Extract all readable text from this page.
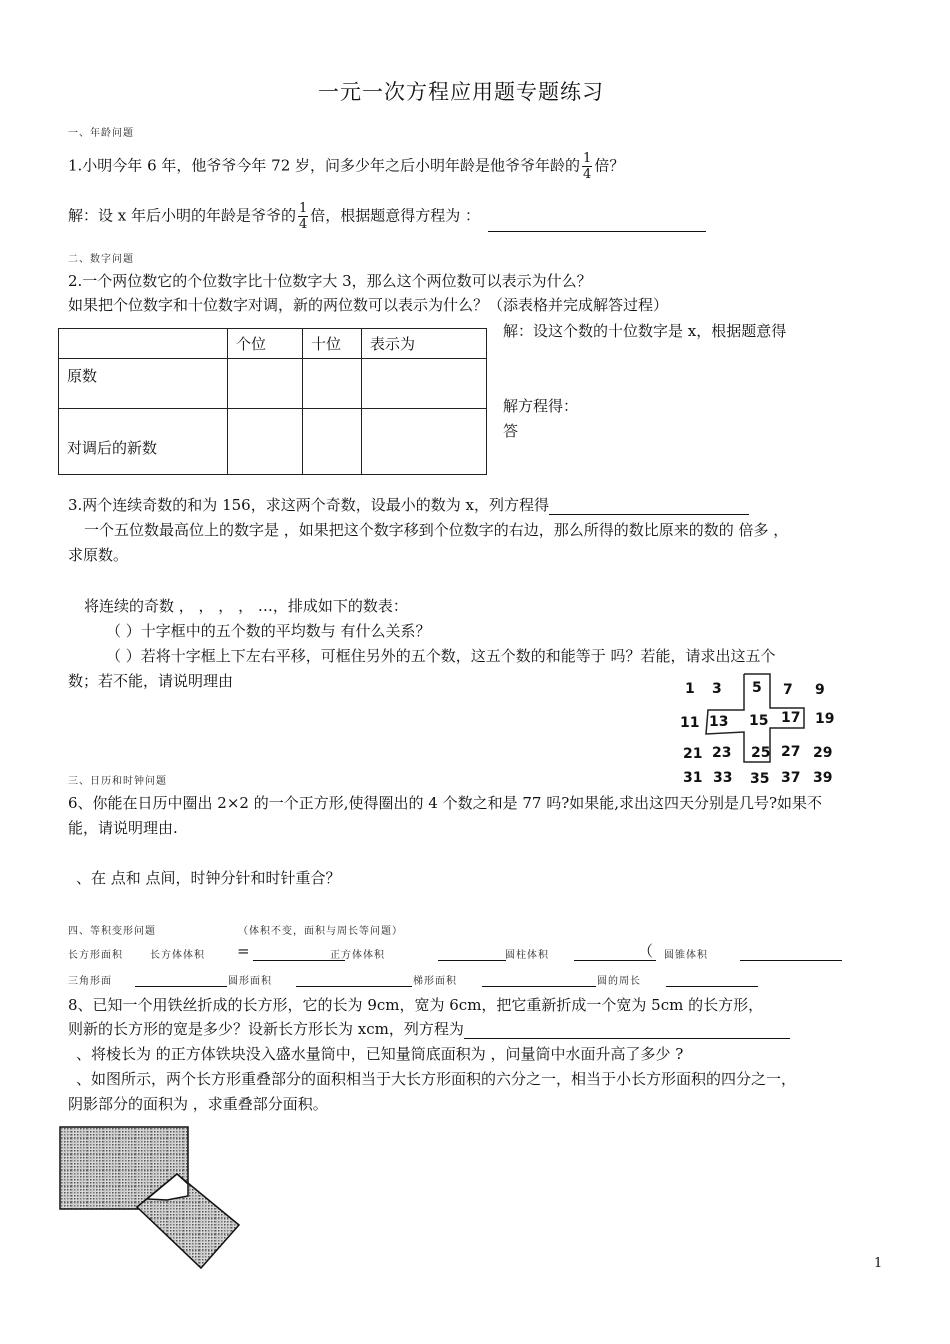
一元一次方程应用题专题练习
一、年龄问题
1.小明今年 6 年，他爷爷今年 72 岁，问多少年之后小明年龄是他爷爷年龄的 $\frac{1}{4}$ 倍？
解：设 x 年后小明的年龄是爷爷的 $\frac{1}{4}$ 倍，根据题意得方程为 ：
二、数字问题
2.一个两位数它的个位数字比十位数字大 3，那么这个两位数可以表示为什么？
如果把个位数字和十位数字对调，新的两位数可以表示为什么？（添表格并完成解答过程）
	个位	十位	表示为
原数			
对调后的新数			
解：设这个数的十位数字是 x，根据题意得
解方程得：
答
3.两个连续奇数的和为 156，求这两个奇数，设最小的数为 x，列方程得
一个五位数最高位上的数字是 ，如果把这个数字移到个位数字的右边，那么所得的数比原来的数的 倍多 ，
求原数。
将连续的奇数 ， ， ， ， …，排成如下的数表：
（ ）十字框中的五个数的平均数与 有什么关系？
（ ）若将十字框上下左右平移，可框住另外的五个数，这五个数的和能等于 吗？若能，请求出这五个
数；若不能，请说明理由	1 3 5 7 9
11 13 15 17 19
21 23 25 27 29
31 33 35 37 39
三、日历和时钟问题
6、你能在日历中圈出 2×2 的一个正方形,使得圈出的 4 个数之和是 77 吗?如果能,求出这四天分别是几号?如果不
能，请说明理由.
、在 点和 点间，时钟分针和时针重合？
四、等积变形问题	（体积不变，面积与周长等问题）
长方形面积	长方体体积 =	正方体体积	圆柱体积	（ 圆锥体积
三角形面	圆形面积	梯形面积	圆的周长
8、已知一个用铁丝折成的长方形，它的长为 9cm，宽为 6cm，把它重新折成一个宽为 5cm 的长方形，
则新的长方形的宽是多少？设新长方形长为 xcm，列方程为
、将棱长为 的正方体铁块没入盛水量筒中，已知量筒底面积为 ，问量筒中水面升高了多少 ?
、如图所示，两个长方形重叠部分的面积相当于大长方形面积的六分之一，相当于小长方形面积的四分之一，
阴影部分的面积为 ，求重叠部分面积。
1
